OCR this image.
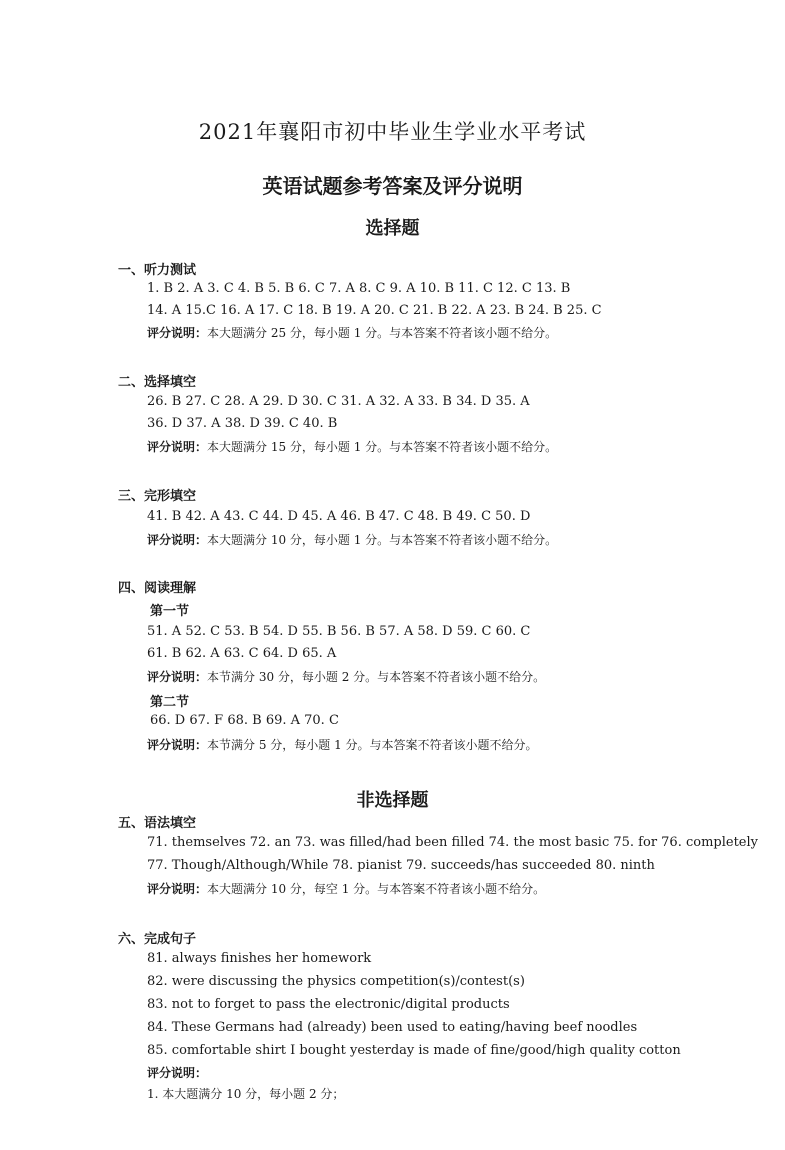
2021年襄阳市初中毕业生学业水平考试
英语试题参考答案及评分说明
选择题
一、听力测试
1. B 2. A 3. C 4. B 5. B 6. C 7. A 8. C 9. A 10. B 11. C 12. C 13. B
14. A 15.C 16. A 17. C 18. B 19. A 20. C 21. B 22. A 23. B 24. B 25. C
评分说明：本大题满分 25 分，每小题 1 分。与本答案不符者该小题不给分。
二、选择填空
26. B 27. C 28. A 29. D 30. C 31. A 32. A 33. B 34. D 35. A
36. D 37. A 38. D 39. C 40. B
评分说明：本大题满分 15 分，每小题 1 分。与本答案不符者该小题不给分。
三、完形填空
41. B 42. A 43. C 44. D 45. A 46. B 47. C 48. B 49. C 50. D
评分说明：本大题满分 10 分，每小题 1 分。与本答案不符者该小题不给分。
四、阅读理解
第一节
51. A 52. C 53. B 54. D 55. B 56. B 57. A 58. D 59. C 60. C
61. B 62. A 63. C 64. D 65. A
评分说明：本节满分 30 分，每小题 2 分。与本答案不符者该小题不给分。
第二节
66. D 67. F 68. B 69. A 70. C
评分说明：本节满分 5 分，每小题 1 分。与本答案不符者该小题不给分。
非选择题
五、语法填空
71. themselves 72. an 73. was filled/had been filled 74. the most basic 75. for 76. completely
77. Though/Although/While 78. pianist 79. succeeds/has succeeded 80. ninth
评分说明：本大题满分 10 分，每空 1 分。与本答案不符者该小题不给分。
六、完成句子
81. always finishes her homework
82. were discussing the physics competition(s)/contest(s)
83. not to forget to pass the electronic/digital products
84. These Germans had (already) been used to eating/having beef noodles
85. comfortable shirt I bought yesterday is made of fine/good/high quality cotton
评分说明：
1. 本大题满分 10 分，每小题 2 分；
